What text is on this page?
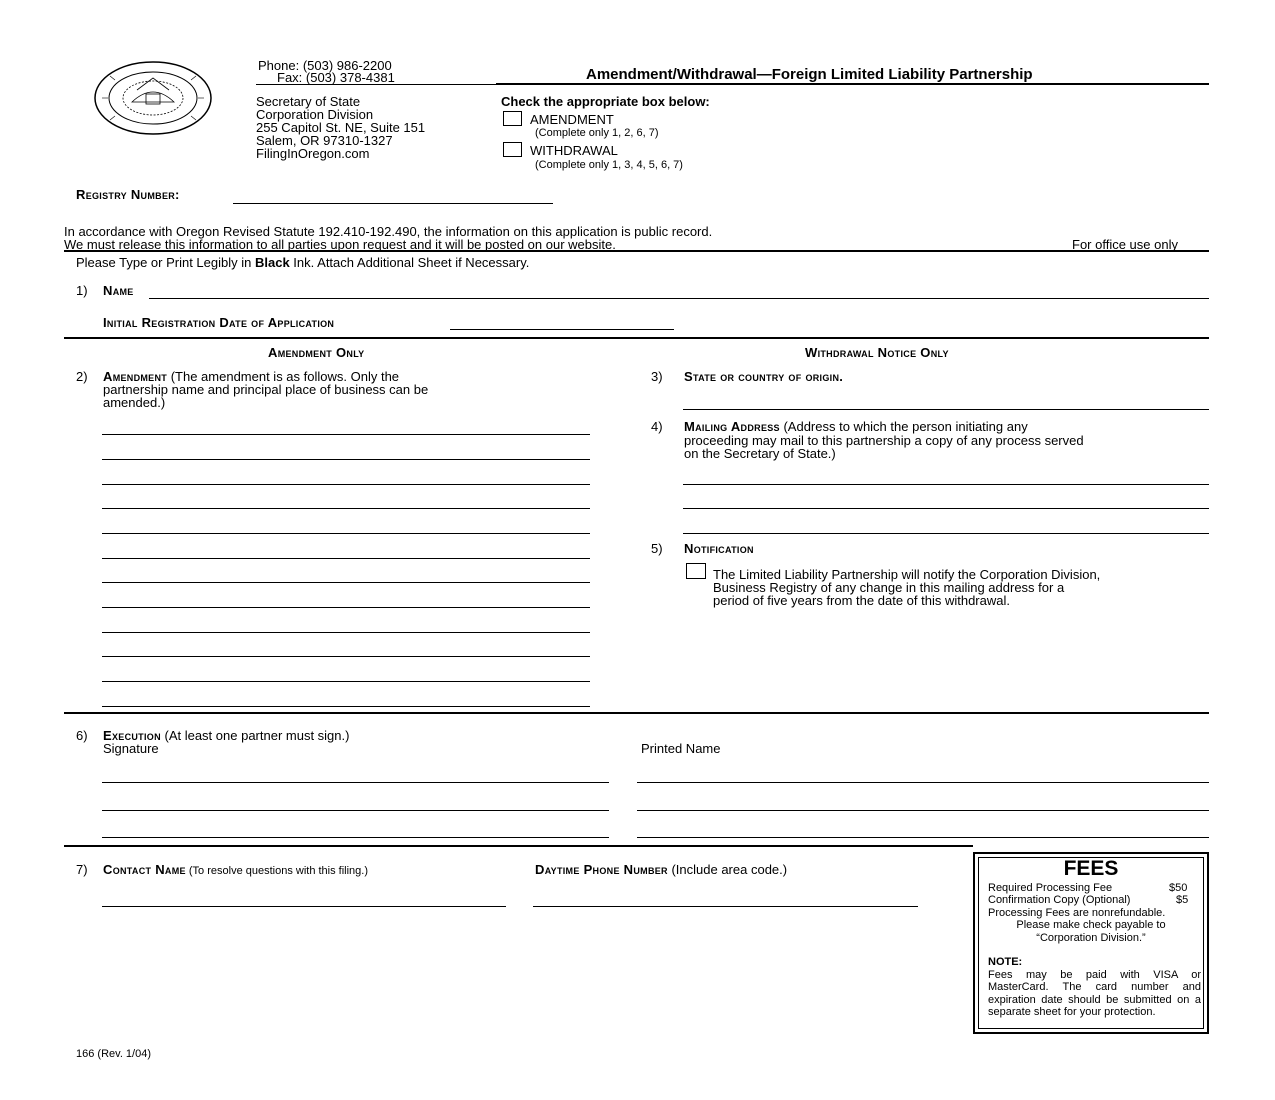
Phone: (503) 986-2200
Fax: (503) 378-4381	Amendment/Withdrawal—Foreign Limited Liability Partnership
Secretary of State
Corporation Division
255 Capitol St. NE, Suite 151
Salem, OR 97310-1327
FilingInOregon.com
Check the appropriate box below:
AMENDMENT
(Complete only 1, 2, 6, 7)
WITHDRAWAL
(Complete only 1, 3, 4, 5, 6, 7)
Registry Number:
In accordance with Oregon Revised Statute 192.410-192.490, the information on this application is public record.
We must release this information to all parties upon request and it will be posted on our website.	For office use only
Please Type or Print Legibly in Black Ink. Attach Additional Sheet if Necessary.
1) Name
Initial Registration Date of Application
Amendment Only	Withdrawal Notice Only
2) Amendment (The amendment is as follows. Only the
partnership name and principal place of business can be
amended.)
3) State or country of origin.
4) Mailing Address (Address to which the person initiating any
proceeding may mail to this partnership a copy of any process served
on the Secretary of State.)
5) Notification
The Limited Liability Partnership will notify the Corporation Division,
Business Registry of any change in this mailing address for a
period of five years from the date of this withdrawal.
6) Execution (At least one partner must sign.)
Signature	Printed Name
7) Contact Name (To resolve questions with this filing.)	Daytime Phone Number (Include area code.)	FEES
Required Processing Fee	$50
Confirmation Copy (Optional)	$5
Processing Fees are nonrefundable.
Please make check payable to
“Corporation Division.”
NOTE:
Fees may be paid with VISA or MasterCard. The card number and expiration date should be submitted on a separate sheet for your protection.
166 (Rev. 1/04)
